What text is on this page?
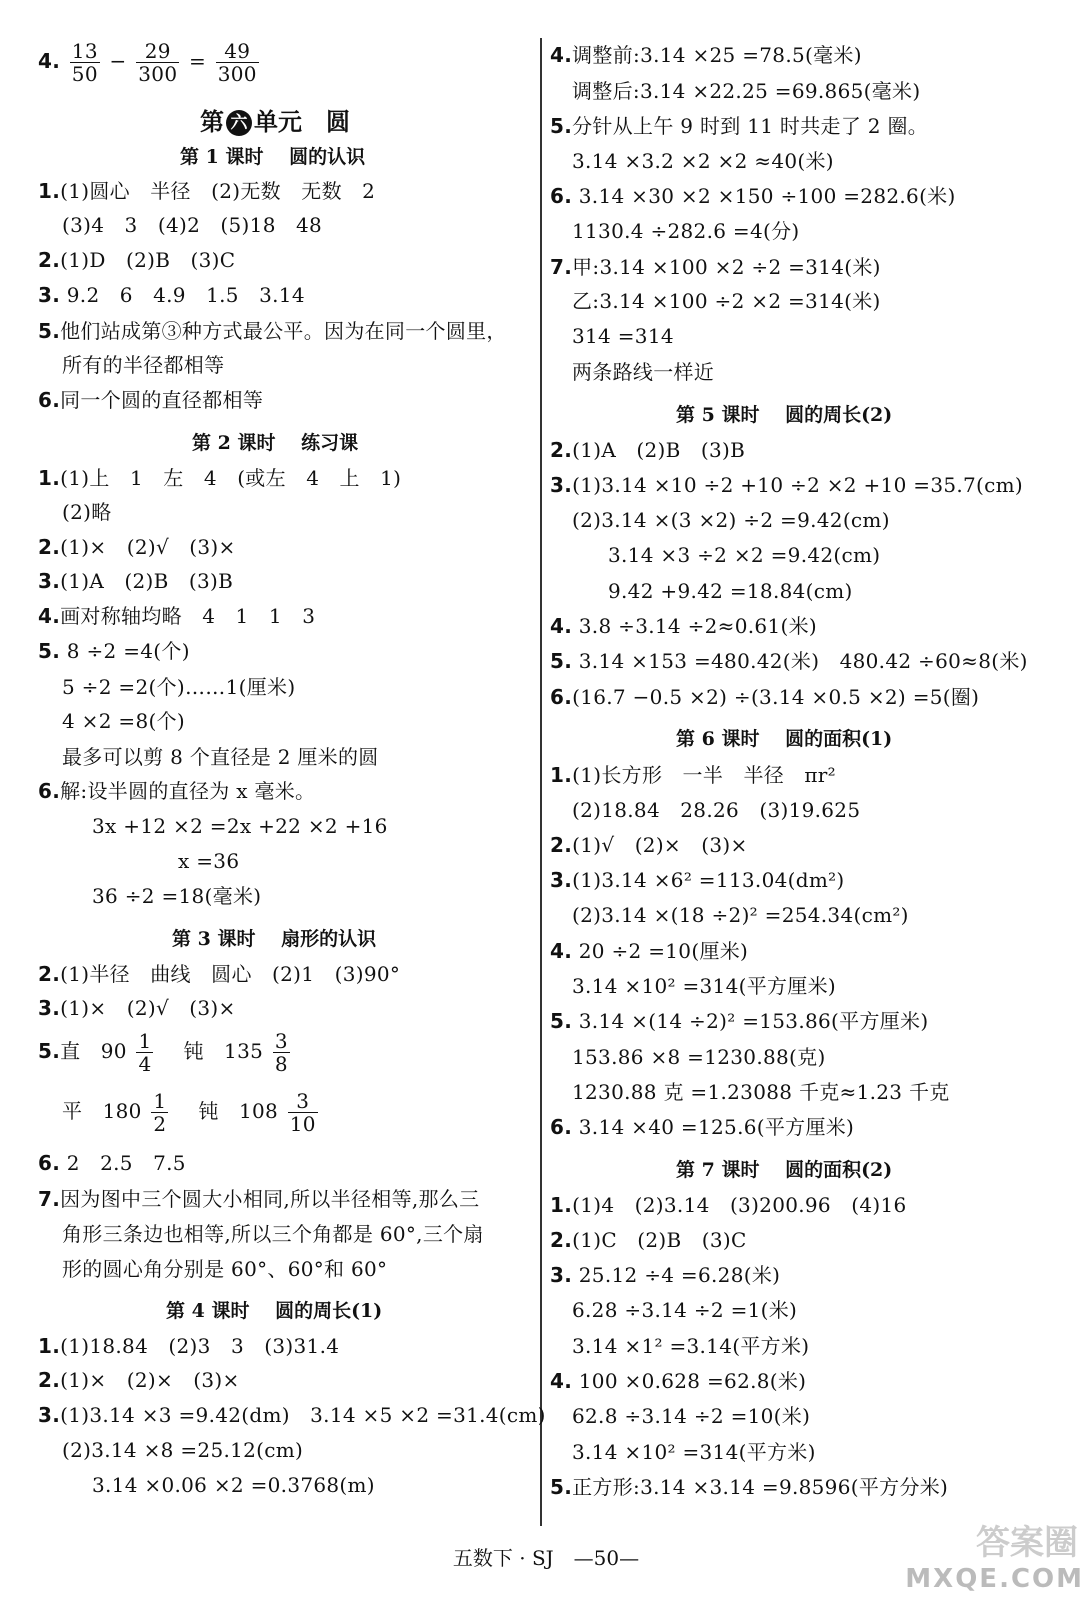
4. $\frac{13}{50} - \frac{29}{300} = \frac{49}{300}$
第 六 单元　圆
第 1 课时　 圆的认识
1.(1)圆心　半径　(2)无数　无数　2
(3)4　3　(4)2　(5)18　48
2.(1)D　(2)B　(3)C
3. 9.2　6　4.9　1.5　3.14
5.他们站成第③种方式最公平。因为在同一个圆里，
所有的半径都相等
6.同一个圆的直径都相等
第 2 课时　 练习课
1.(1)上　1　左　4　(或左　4　上　1)
(2)略
2.(1)×　(2)√　(3)×
3.(1)A　(2)B　(3)B
4.画对称轴均略　4　1　1　3
5. 8 ÷2 =4(个)
5 ÷2 =2(个)……1(厘米)
4 ×2 =8(个)
最多可以剪 8 个直径是 2 厘米的圆
6.解:设半圆的直径为 x 毫米。
3x +12 ×2 =2x +22 ×2 +16
x =36
36 ÷2 =18(毫米)
第 3 课时　 扇形的认识
2.(1)半径　曲线　圆心　(2)1　(3)90°
3.(1)×　(2)√　(3)×
5.直　$90 \frac{1}{4}$
　 钝　$135 \frac{3}{8}$
平　$180 \frac{1}{2}$
　 钝　$108 \frac{3}{10}$
6. 2　2.5　7.5
7.因为图中三个圆大小相同,所以半径相等,那么三
角形三条边也相等,所以三个角都是 60°,三个扇
形的圆心角分别是 60°、60°和 60°
第 4 课时　 圆的周长(1)
1.(1)18.84　(2)3　3　(3)31.4
2.(1)×　(2)×　(3)×
3.(1)3.14 ×3 =9.42(dm)　3.14 ×5 ×2 =31.4(cm)
(2)3.14 ×8 =25.12(cm)
3.14 ×0.06 ×2 =0.3768(m)
4.调整前:3.14 ×25 =78.5(毫米)
调整后:3.14 ×22.25 =69.865(毫米)
5.分针从上午 9 时到 11 时共走了 2 圈。
3.14 ×3.2 ×2 ×2 ≈40(米)
6. 3.14 ×30 ×2 ×150 ÷100 =282.6(米)
1130.4 ÷282.6 =4(分)
7.甲:3.14 ×100 ×2 ÷2 =314(米)
乙:3.14 ×100 ÷2 ×2 =314(米)
314 =314
两条路线一样近
第 5 课时　 圆的周长(2)
2.(1)A　(2)B　(3)B
3.(1)3.14 ×10 ÷2 +10 ÷2 ×2 +10 =35.7(cm)
(2)3.14 ×(3 ×2) ÷2 =9.42(cm)
3.14 ×3 ÷2 ×2 =9.42(cm)
9.42 +9.42 =18.84(cm)
4. 3.8 ÷3.14 ÷2≈0.61(米)
5. 3.14 ×153 =480.42(米)　480.42 ÷60≈8(米)
6.(16.7 −0.5 ×2) ÷(3.14 ×0.5 ×2) =5(圈)
第 6 课时　 圆的面积(1)
1.(1)长方形　一半　半径　πr²
(2)18.84　28.26　(3)19.625
2.(1)√　(2)×　(3)×
3.(1)3.14 ×6² =113.04(dm²)
(2)3.14 ×(18 ÷2)² =254.34(cm²)
4. 20 ÷2 =10(厘米)
3.14 ×10² =314(平方厘米)
5. 3.14 ×(14 ÷2)² =153.86(平方厘米)
153.86 ×8 =1230.88(克)
1230.88 克 =1.23088 千克≈1.23 千克
6. 3.14 ×40 =125.6(平方厘米)
第 7 课时　 圆的面积(2)
1.(1)4　(2)3.14　(3)200.96　(4)16
2.(1)C　(2)B　(3)C
3. 25.12 ÷4 =6.28(米)
6.28 ÷3.14 ÷2 =1(米)
3.14 ×1² =3.14(平方米)
4. 100 ×0.628 =62.8(米)
62.8 ÷3.14 ÷2 =10(米)
3.14 ×10² =314(平方米)
5.正方形:3.14 ×3.14 =9.8596(平方分米)
五数下 · SJ　—50—	答案圈
MXQE.COM
